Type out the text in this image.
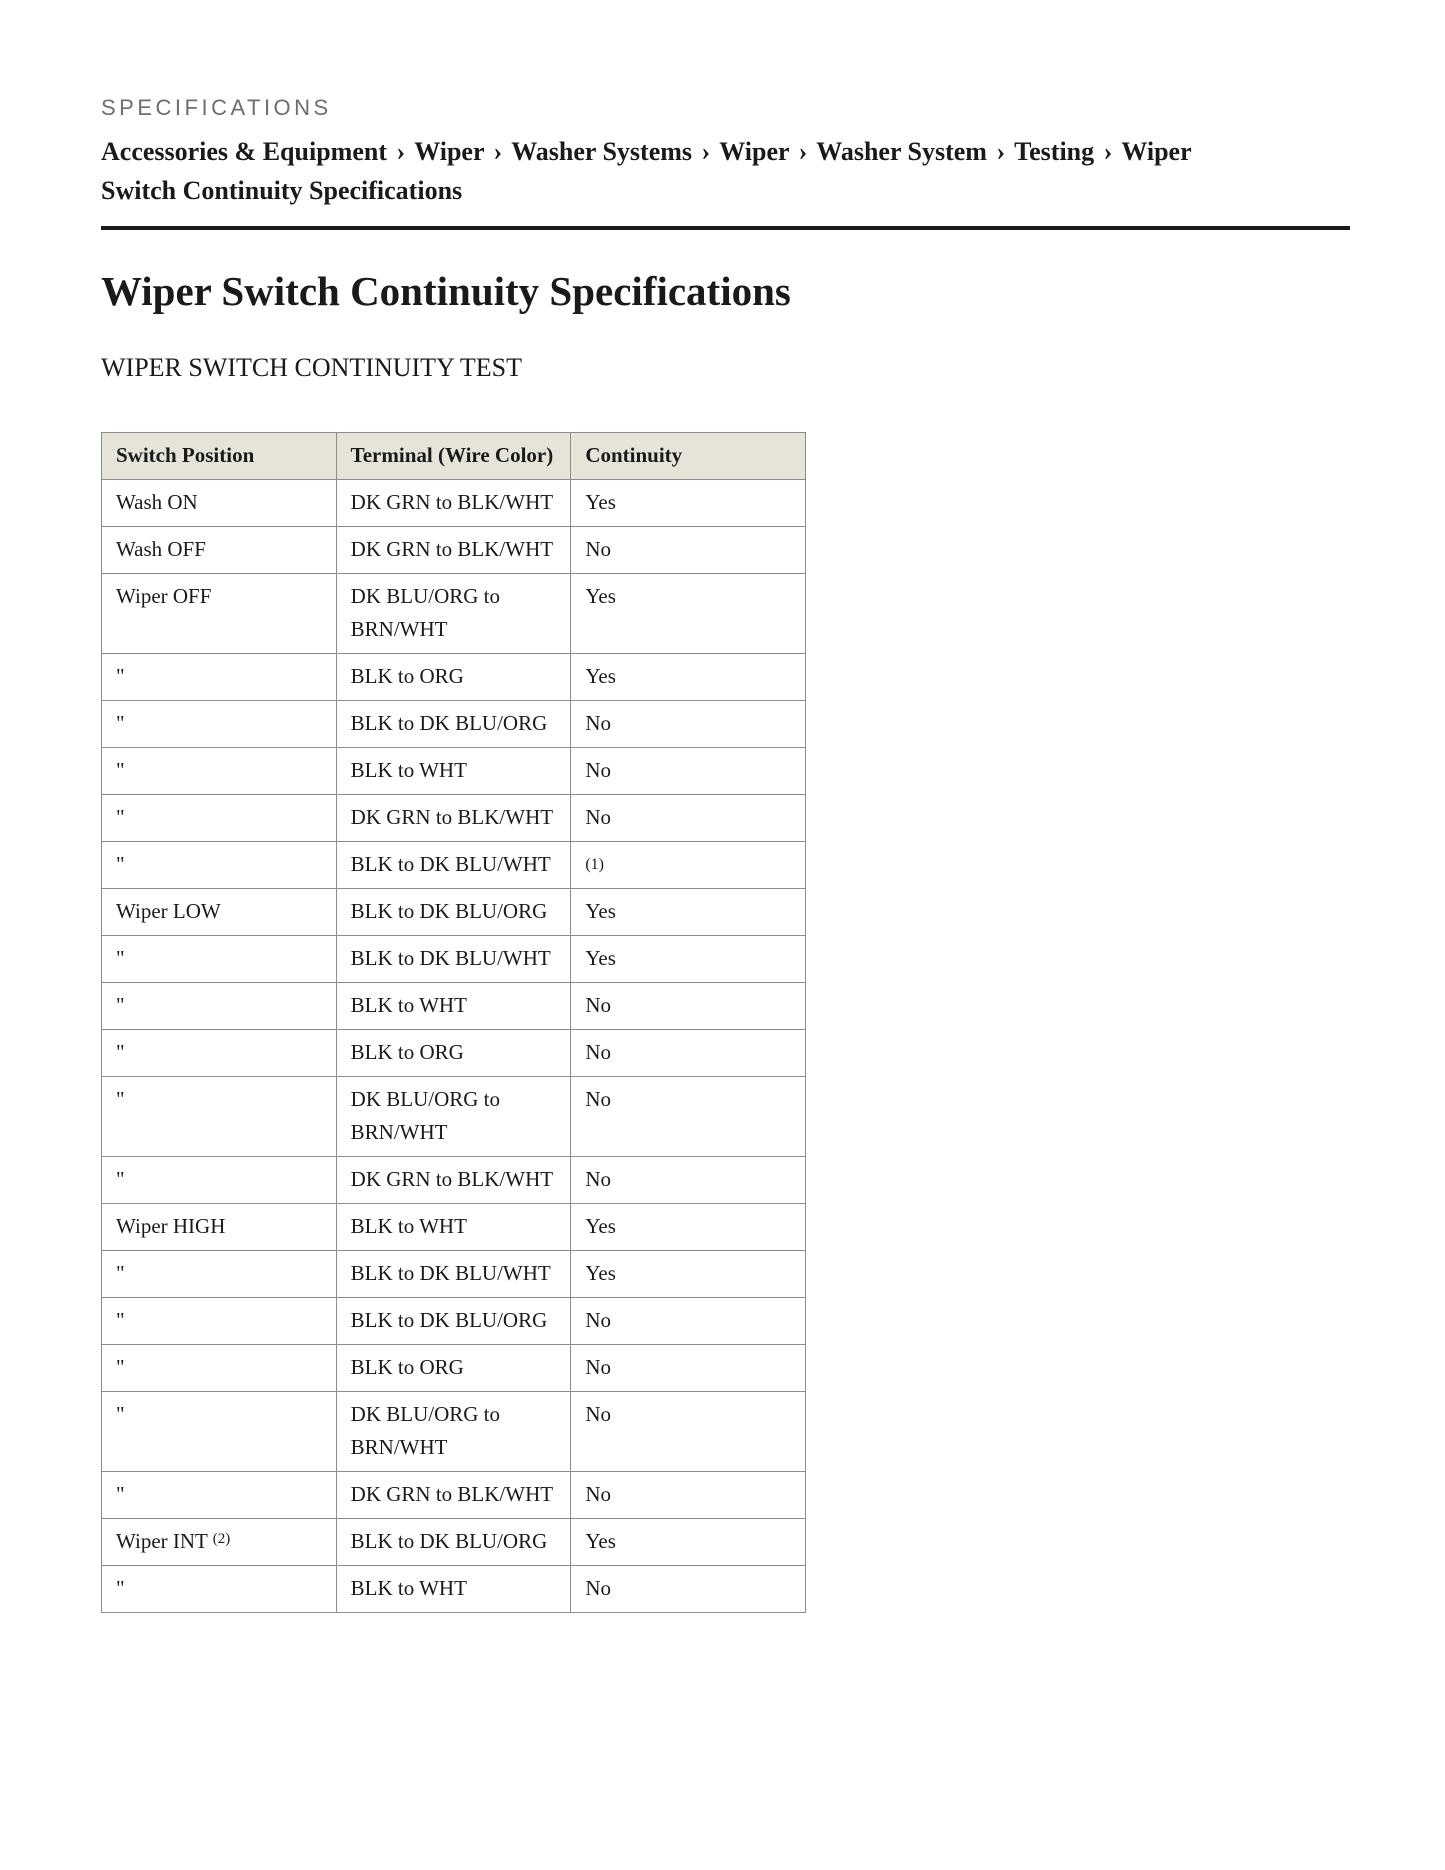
SPECIFICATIONS
Accessories & Equipment › Wiper › Washer Systems › Wiper › Washer System › Testing › Wiper Switch Continuity Specifications
Wiper Switch Continuity Specifications
WIPER SWITCH CONTINUITY TEST
Switch Position	Terminal (Wire Color)	Continuity
Wash ON	DK GRN to BLK/WHT	Yes
Wash OFF	DK GRN to BLK/WHT	No
Wiper OFF	DK BLU/ORG to BRN/WHT	Yes
"	BLK to ORG	Yes
"	BLK to DK BLU/ORG	No
"	BLK to WHT	No
"	DK GRN to BLK/WHT	No
"	BLK to DK BLU/WHT	(1)
Wiper LOW	BLK to DK BLU/ORG	Yes
"	BLK to DK BLU/WHT	Yes
"	BLK to WHT	No
"	BLK to ORG	No
"	DK BLU/ORG to BRN/WHT	No
"	DK GRN to BLK/WHT	No
Wiper HIGH	BLK to WHT	Yes
"	BLK to DK BLU/WHT	Yes
"	BLK to DK BLU/ORG	No
"	BLK to ORG	No
"	DK BLU/ORG to BRN/WHT	No
"	DK GRN to BLK/WHT	No
Wiper INT $^{(2)}$	BLK to DK BLU/ORG	Yes
"	BLK to WHT	No
